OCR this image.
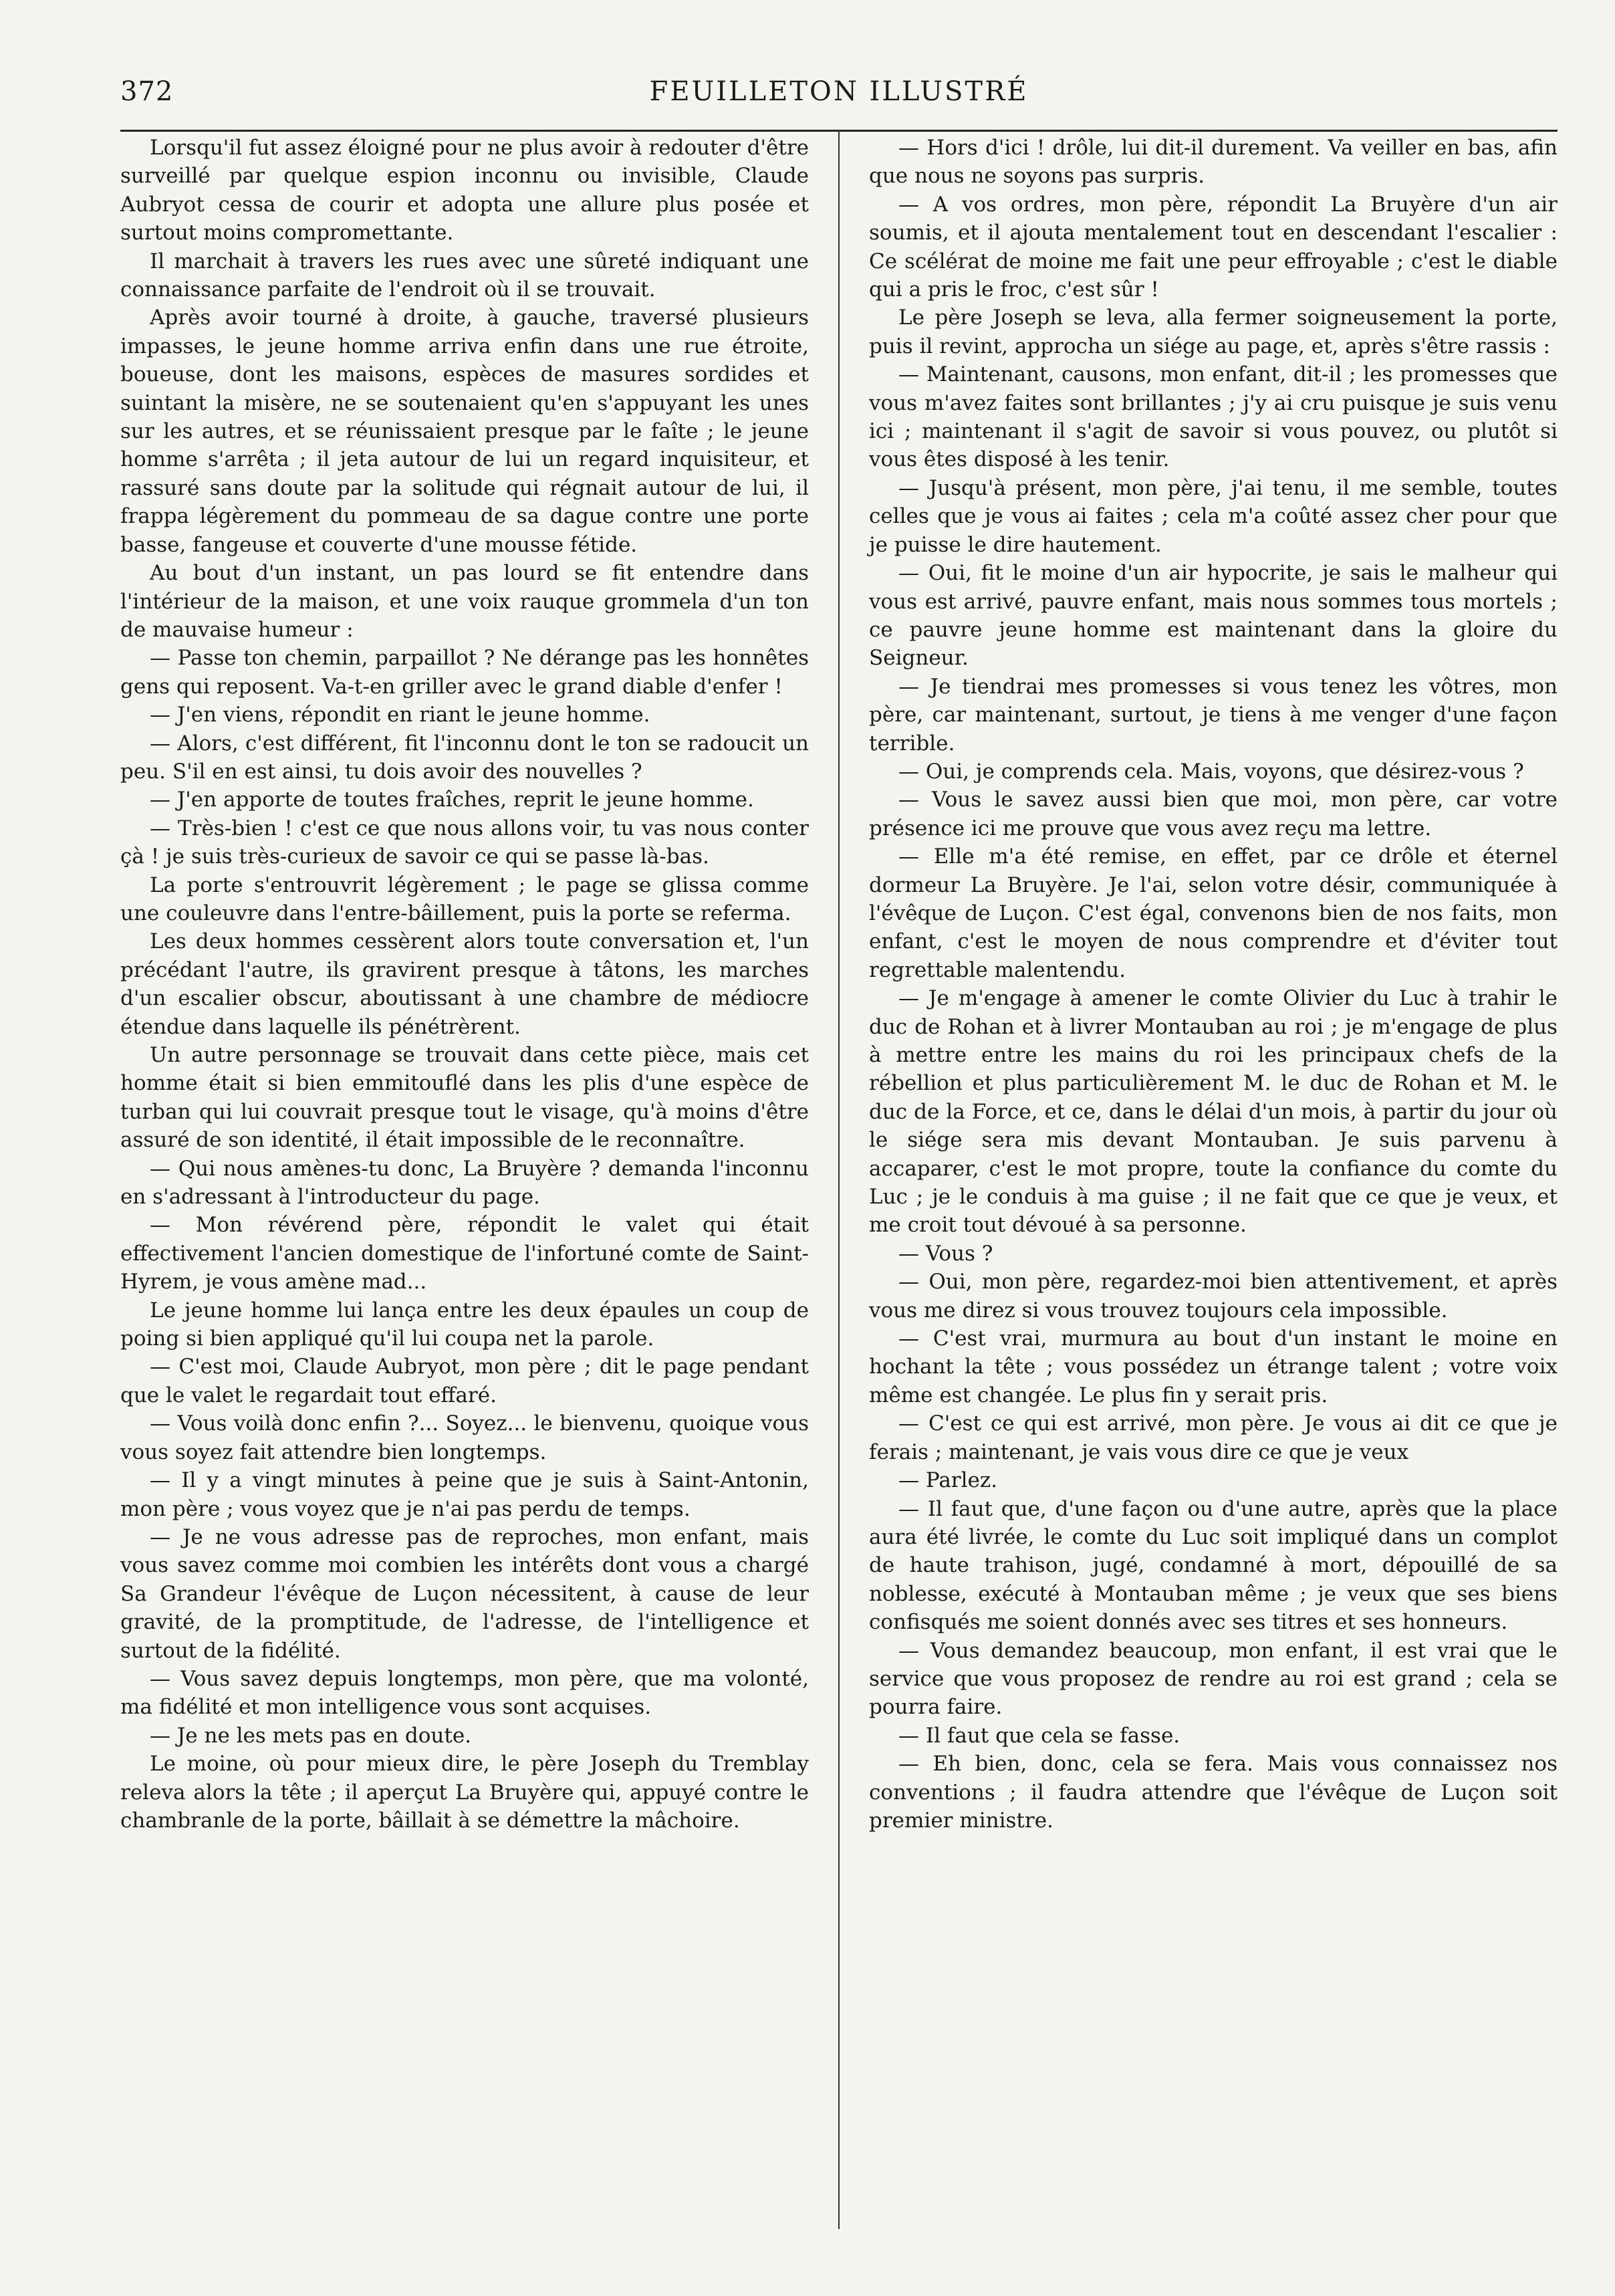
372	FEUILLETON ILLUSTRÉ

Lorsqu'il fut assez éloigné pour ne plus avoir à redouter d'être surveillé par quelque espion inconnu ou invisible, Claude Aubryot cessa de courir et adopta une allure plus posée et surtout moins compromettante.

Il marchait à travers les rues avec une sûreté indiquant une connaissance parfaite de l'endroit où il se trouvait.

Après avoir tourné à droite, à gauche, traversé plusieurs impasses, le jeune homme arriva enfin dans une rue étroite, boueuse, dont les maisons, espèces de masures sordides et suintant la misère, ne se soutenaient qu'en s'appuyant les unes sur les autres, et se réunissaient presque par le faîte ; le jeune homme s'arrêta ; il jeta autour de lui un regard inquisiteur, et rassuré sans doute par la solitude qui régnait autour de lui, il frappa légèrement du pommeau de sa dague contre une porte basse, fangeuse et couverte d'une mousse fétide.

Au bout d'un instant, un pas lourd se fit entendre dans l'intérieur de la maison, et une voix rauque grommela d'un ton de mauvaise humeur :

— Passe ton chemin, parpaillot ? Ne dérange pas les honnêtes gens qui reposent. Va-t-en griller avec le grand diable d'enfer !

— J'en viens, répondit en riant le jeune homme.

— Alors, c'est différent, fit l'inconnu dont le ton se radoucit un peu. S'il en est ainsi, tu dois avoir des nouvelles ?

— J'en apporte de toutes fraîches, reprit le jeune homme.

— Très-bien ! c'est ce que nous allons voir, tu vas nous conter çà ! je suis très-curieux de savoir ce qui se passe là-bas.

La porte s'entrouvrit légèrement ; le page se glissa comme une couleuvre dans l'entre-bâillement, puis la porte se referma.

Les deux hommes cessèrent alors toute conversation et, l'un précédant l'autre, ils gravirent presque à tâtons, les marches d'un escalier obscur, aboutissant à une chambre de médiocre étendue dans laquelle ils pénétrèrent.

Un autre personnage se trouvait dans cette pièce, mais cet homme était si bien emmitouflé dans les plis d'une espèce de turban qui lui couvrait presque tout le visage, qu'à moins d'être assuré de son identité, il était impossible de le reconnaître.

— Qui nous amènes-tu donc, La Bruyère ? demanda l'inconnu en s'adressant à l'introducteur du page.

— Mon révérend père, répondit le valet qui était effectivement l'ancien domestique de l'infortuné comte de Saint-Hyrem, je vous amène mad...

Le jeune homme lui lança entre les deux épaules un coup de poing si bien appliqué qu'il lui coupa net la parole.

— C'est moi, Claude Aubryot, mon père ; dit le page pendant que le valet le regardait tout effaré.

— Vous voilà donc enfin ?... Soyez... le bienvenu, quoique vous vous soyez fait attendre bien longtemps.

— Il y a vingt minutes à peine que je suis à Saint-Antonin, mon père ; vous voyez que je n'ai pas perdu de temps.

— Je ne vous adresse pas de reproches, mon enfant, mais vous savez comme moi combien les intérêts dont vous a chargé Sa Grandeur l'évêque de Luçon nécessitent, à cause de leur gravité, de la promptitude, de l'adresse, de l'intelligence et surtout de la fidélité.

— Vous savez depuis longtemps, mon père, que ma volonté, ma fidélité et mon intelligence vous sont acquises.

— Je ne les mets pas en doute.

Le moine, où pour mieux dire, le père Joseph du Tremblay releva alors la tête ; il aperçut La Bruyère qui, appuyé contre le chambranle de la porte, bâillait à se démettre la mâchoire.

— Hors d'ici ! drôle, lui dit-il durement. Va veiller en bas, afin que nous ne soyons pas surpris.

— A vos ordres, mon père, répondit La Bruyère d'un air soumis, et il ajouta mentalement tout en descendant l'escalier : Ce scélérat de moine me fait une peur effroyable ; c'est le diable qui a pris le froc, c'est sûr !

Le père Joseph se leva, alla fermer soigneusement la porte, puis il revint, approcha un siége au page, et, après s'être rassis :

— Maintenant, causons, mon enfant, dit-il ; les promesses que vous m'avez faites sont brillantes ; j'y ai cru puisque je suis venu ici ; maintenant il s'agit de savoir si vous pouvez, ou plutôt si vous êtes disposé à les tenir.

— Jusqu'à présent, mon père, j'ai tenu, il me semble, toutes celles que je vous ai faites ; cela m'a coûté assez cher pour que je puisse le dire hautement.

— Oui, fit le moine d'un air hypocrite, je sais le malheur qui vous est arrivé, pauvre enfant, mais nous sommes tous mortels ; ce pauvre jeune homme est maintenant dans la gloire du Seigneur.

— Je tiendrai mes promesses si vous tenez les vôtres, mon père, car maintenant, surtout, je tiens à me venger d'une façon terrible.

— Oui, je comprends cela. Mais, voyons, que désirez-vous ?

— Vous le savez aussi bien que moi, mon père, car votre présence ici me prouve que vous avez reçu ma lettre.

— Elle m'a été remise, en effet, par ce drôle et éternel dormeur La Bruyère. Je l'ai, selon votre désir, communiquée à l'évêque de Luçon. C'est égal, convenons bien de nos faits, mon enfant, c'est le moyen de nous comprendre et d'éviter tout regrettable malentendu.

— Je m'engage à amener le comte Olivier du Luc à trahir le duc de Rohan et à livrer Montauban au roi ; je m'engage de plus à mettre entre les mains du roi les principaux chefs de la rébellion et plus particulièrement M. le duc de Rohan et M. le duc de la Force, et ce, dans le délai d'un mois, à partir du jour où le siége sera mis devant Montauban. Je suis parvenu à accaparer, c'est le mot propre, toute la confiance du comte du Luc ; je le conduis à ma guise ; il ne fait que ce que je veux, et me croit tout dévoué à sa personne.

— Vous ?

— Oui, mon père, regardez-moi bien attentivement, et après vous me direz si vous trouvez toujours cela impossible.

— C'est vrai, murmura au bout d'un instant le moine en hochant la tête ; vous possédez un étrange talent ; votre voix même est changée. Le plus fin y serait pris.

— C'est ce qui est arrivé, mon père. Je vous ai dit ce que je ferais ; maintenant, je vais vous dire ce que je veux

— Parlez.

— Il faut que, d'une façon ou d'une autre, après que la place aura été livrée, le comte du Luc soit impliqué dans un complot de haute trahison, jugé, condamné à mort, dépouillé de sa noblesse, exécuté à Montauban même ; je veux que ses biens confisqués me soient donnés avec ses titres et ses honneurs.

— Vous demandez beaucoup, mon enfant, il est vrai que le service que vous proposez de rendre au roi est grand ; cela se pourra faire.

— Il faut que cela se fasse.

— Eh bien, donc, cela se fera. Mais vous connaissez nos conventions ; il faudra attendre que l'évêque de Luçon soit premier ministre.
